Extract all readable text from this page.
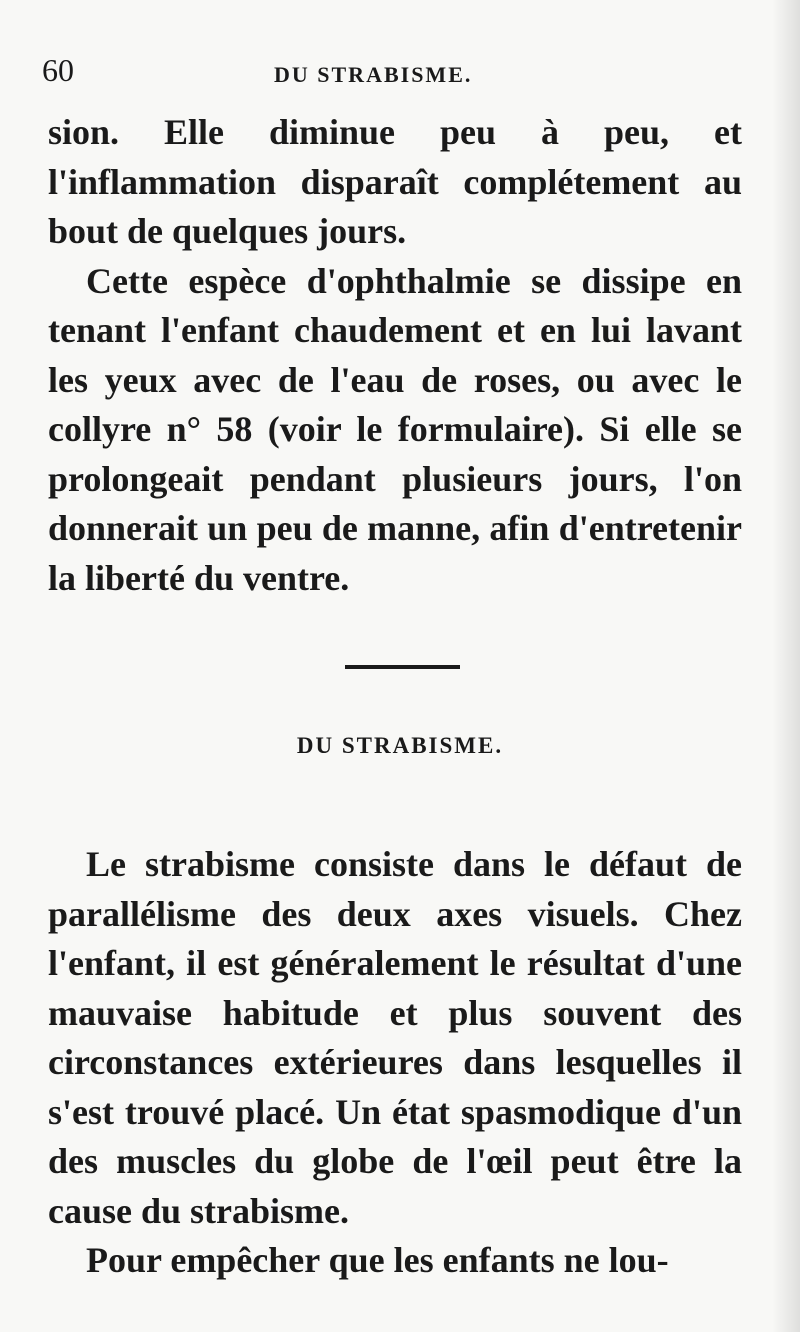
60	DU STRABISME.

sion. Elle diminue peu à peu, et l'inflammation disparaît complétement au bout de quelques jours.

Cette espèce d'ophthalmie se dissipe en tenant l'enfant chaudement et en lui lavant les yeux avec de l'eau de roses, ou avec le collyre n° 58 (voir le formulaire). Si elle se prolongeait pendant plusieurs jours, l'on donnerait un peu de manne, afin d'entretenir la liberté du ventre.

DU STRABISME.

Le strabisme consiste dans le défaut de parallélisme des deux axes visuels. Chez l'enfant, il est généralement le résultat d'une mauvaise habitude et plus souvent des circonstances extérieures dans lesquelles il s'est trouvé placé. Un état spasmodique d'un des muscles du globe de l'œil peut être la cause du strabisme.

Pour empêcher que les enfants ne lou-
